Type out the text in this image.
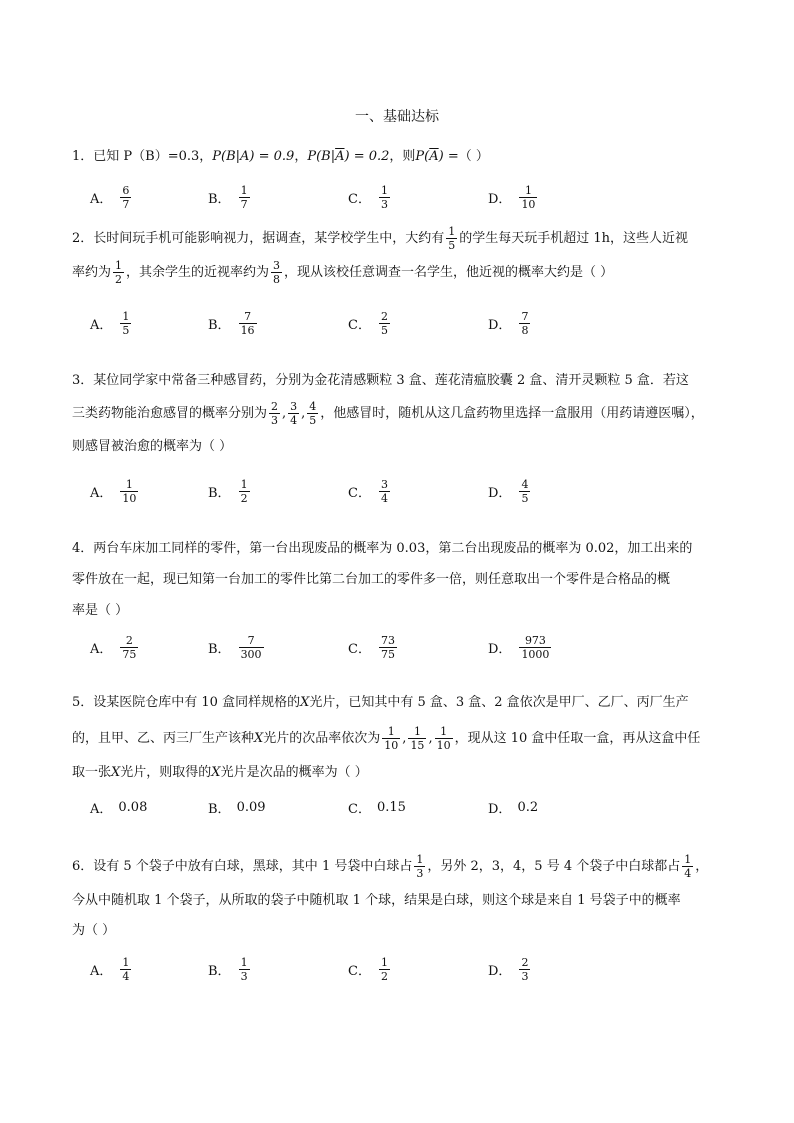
一、基础达标
1．已知 P（B）=0.3，P(B|A) = 0.9，$P(B|\overline{A}) = 0.2$，则$P(\overline{A})$ =（ ）
A． $\frac{6}{7}$	B． $\frac{1}{7}$	C． $\frac{1}{3}$	D． $\frac{1}{10}$
2．长时间玩手机可能影响视力，据调查，某学校学生中，大约有 $\frac{1}{5}$ 的学生每天玩手机超过 1h，这些人近视
率约为 $\frac{1}{2}$ ，其余学生的近视率约为 $\frac{3}{8}$ ，现从该校任意调查一名学生，他近视的概率大约是（ ）
A． $\frac{1}{5}$	B． $\frac{7}{16}$	C． $\frac{2}{5}$	D． $\frac{7}{8}$
3．某位同学家中常备三种感冒药，分别为金花清感颗粒 3 盒、莲花清瘟胶囊 2 盒、清开灵颗粒 5 盒．若这
三类药物能治愈感冒的概率分别为 $\frac{2}{3}$ , $\frac{3}{4}$ , $\frac{4}{5}$ ，他感冒时，随机从这几盒药物里选择一盒服用（用药请遵医嘱），
则感冒被治愈的概率为（ ）
A． $\frac{1}{10}$	B． $\frac{1}{2}$	C． $\frac{3}{4}$	D． $\frac{4}{5}$
4．两台车床加工同样的零件，第一台出现废品的概率为 0.03，第二台出现废品的概率为 0.02，加工出来的
零件放在一起，现已知第一台加工的零件比第二台加工的零件多一倍，则任意取出一个零件是合格品的概
率是（ ）
A． $\frac{2}{75}$	B． $\frac{7}{300}$	C． $\frac{73}{75}$	D． $\frac{973}{1000}$
5．设某医院仓库中有 10 盒同样规格的X光片，已知其中有 5 盒、3 盒、2 盒依次是甲厂、乙厂、丙厂生产
的，且甲、乙、丙三厂生产该种X光片的次品率依次为 $\frac{1}{10}$ , $\frac{1}{15}$ , $\frac{1}{10}$ ，现从这 10 盒中任取一盒，再从这盒中任
取一张X光片，则取得的X光片是次品的概率为（ ）
A． 0.08	B． 0.09	C． 0.15	D． 0.2
6．设有 5 个袋子中放有白球，黑球，其中 1 号袋中白球占 $\frac{1}{3}$ ，另外 2，3，4，5 号 4 个袋子中白球都占 $\frac{1}{4}$ ，
今从中随机取 1 个袋子，从所取的袋子中随机取 1 个球，结果是白球，则这个球是来自 1 号袋子中的概率
为（ ）
A． $\frac{1}{4}$	B． $\frac{1}{3}$	C． $\frac{1}{2}$	D． $\frac{2}{3}$
